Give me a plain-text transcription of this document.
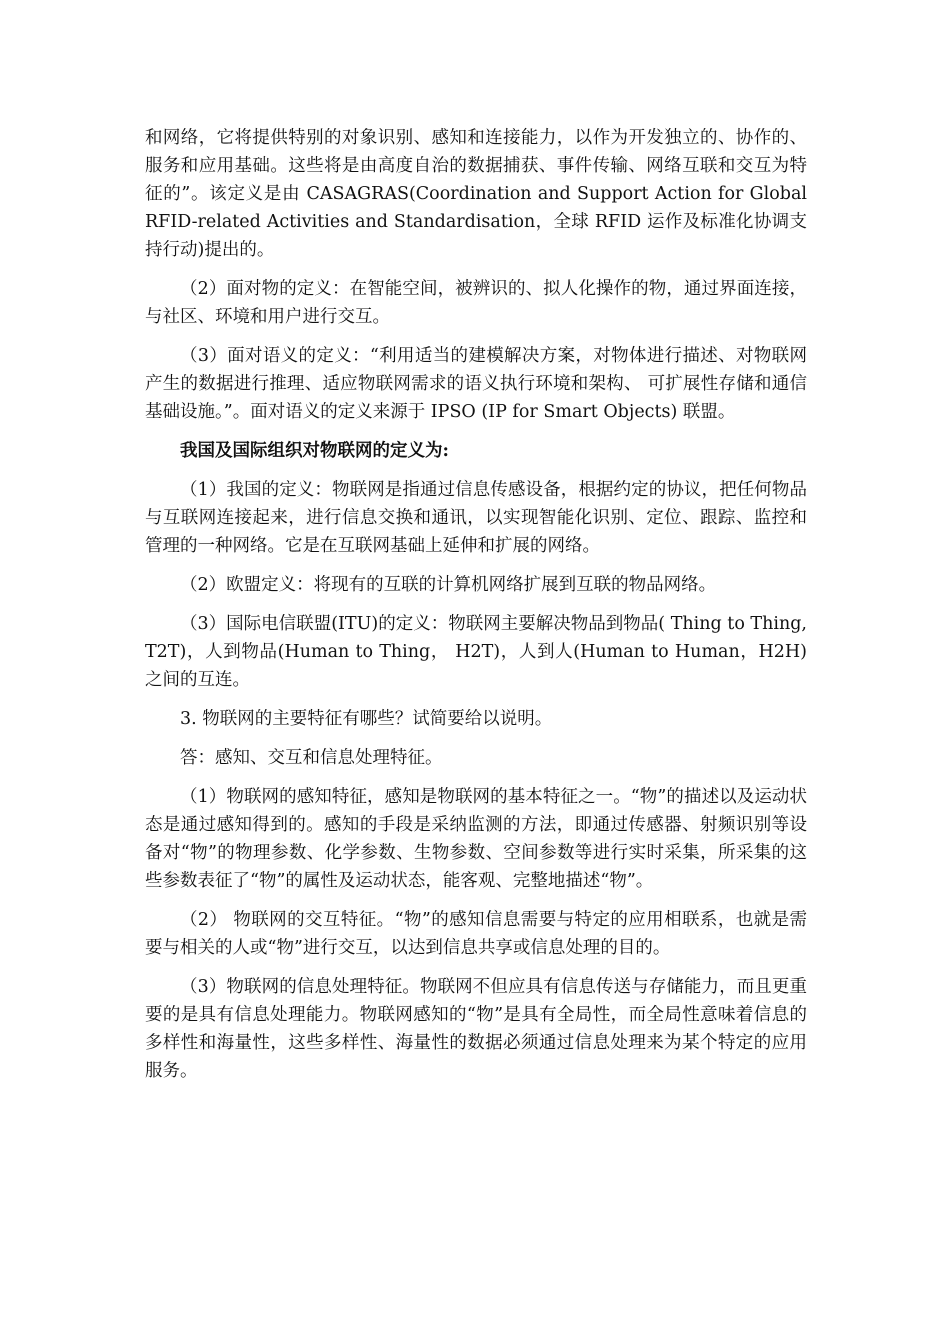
和网络，它将提供特别的对象识别、感知和连接能力，以作为开发独立的、协作的、服务和应用基础。这些将是由高度自治的数据捕获、事件传输、网络互联和交互为特征的”。该定义是由 CASAGRAS(Coordination and Support Action for Global RFID-related Activities and Standardisation，全球 RFID 运作及标准化协调支持行动)提出的。

（2）面对物的定义：在智能空间，被辨识的、拟人化操作的物，通过界面连接，与社区、环境和用户进行交互。

（3）面对语义的定义：“利用适当的建模解决方案，对物体进行描述、对物联网产生的数据进行推理、适应物联网需求的语义执行环境和架构、 可扩展性存储和通信基础设施。”。面对语义的定义来源于 IPSO (IP for Smart Objects) 联盟。

我国及国际组织对物联网的定义为:

（1）我国的定义：物联网是指通过信息传感设备，根据约定的协议，把任何物品与互联网连接起来，进行信息交换和通讯，以实现智能化识别、定位、跟踪、监控和管理的一种网络。它是在互联网基础上延伸和扩展的网络。

（2）欧盟定义：将现有的互联的计算机网络扩展到互联的物品网络。

（3）国际电信联盟(ITU)的定义：物联网主要解决物品到物品( Thing to Thing, T2T)，人到物品(Human to Thing， H2T)，人到人(Human to Human，H2H)之间的互连。

3. 物联网的主要特征有哪些？试简要给以说明。

答：感知、交互和信息处理特征。

（1）物联网的感知特征，感知是物联网的基本特征之一。“物”的描述以及运动状态是通过感知得到的。感知的手段是采纳监测的方法，即通过传感器、射频识别等设备对“物”的物理参数、化学参数、生物参数、空间参数等进行实时采集，所采集的这些参数表征了“物”的属性及运动状态，能客观、完整地描述“物”。

（2） 物联网的交互特征。“物”的感知信息需要与特定的应用相联系，也就是需要与相关的人或“物”进行交互，以达到信息共享或信息处理的目的。

（3）物联网的信息处理特征。物联网不但应具有信息传送与存储能力，而且更重要的是具有信息处理能力。物联网感知的“物”是具有全局性，而全局性意味着信息的多样性和海量性，这些多样性、海量性的数据必须通过信息处理来为某个特定的应用服务。
